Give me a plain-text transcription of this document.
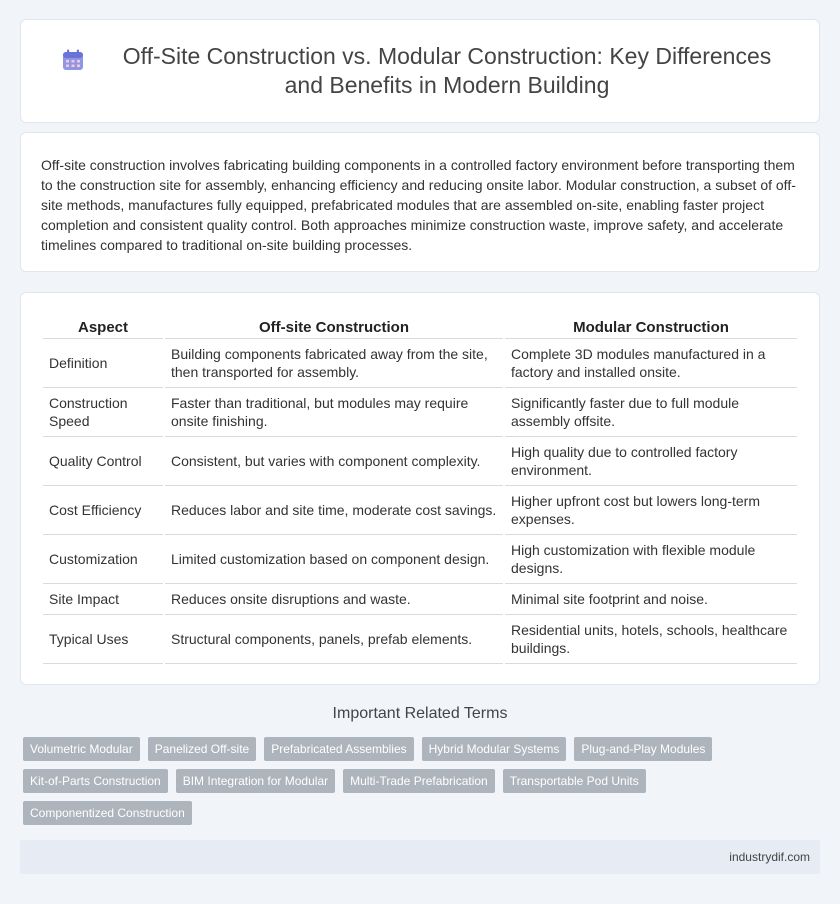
Off-Site Construction vs. Modular Construction: Key Differences and Benefits in Modern Building

Off-site construction involves fabricating building components in a controlled factory environment before transporting them to the construction site for assembly, enhancing efficiency and reducing onsite labor. Modular construction, a subset of off-site methods, manufactures fully equipped, prefabricated modules that are assembled on-site, enabling faster project completion and consistent quality control. Both approaches minimize construction waste, improve safety, and accelerate timelines compared to traditional on-site building processes.

Aspect	Off-site Construction	Modular Construction
Definition	Building components fabricated away from the site, then transported for assembly.	Complete 3D modules manufactured in a factory and installed onsite.
Construction Speed	Faster than traditional, but modules may require onsite finishing.	Significantly faster due to full module assembly offsite.
Quality Control	Consistent, but varies with component complexity.	High quality due to controlled factory environment.
Cost Efficiency	Reduces labor and site time, moderate cost savings.	Higher upfront cost but lowers long-term expenses.
Customization	Limited customization based on component design.	High customization with flexible module designs.
Site Impact	Reduces onsite disruptions and waste.	Minimal site footprint and noise.
Typical Uses	Structural components, panels, prefab elements.	Residential units, hotels, schools, healthcare buildings.
Important Related Terms
Volumetric Modular	Panelized Off-site	Prefabricated Assemblies	Hybrid Modular Systems	Plug-and-Play Modules
Kit-of-Parts Construction	BIM Integration for Modular	Multi-Trade Prefabrication	Transportable Pod Units
Componentized Construction
industrydif.com
